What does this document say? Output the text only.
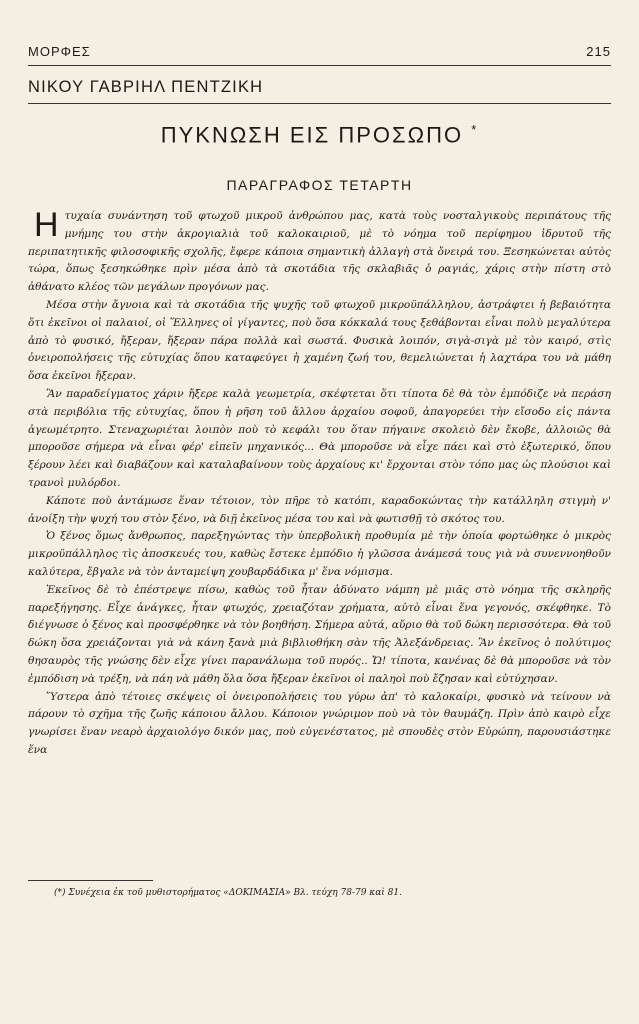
ΜΟΡΦΕΣ	215
ΝΙΚΟΥ ΓΑΒΡΙΗΛ ΠΕΝΤΖΙΚΗ
ΠΥΚΝΩΣΗ ΕΙΣ ΠΡΟΣΩΠΟ *
ΠΑΡΑΓΡΑΦΟΣ ΤΕΤΑΡΤΗ

Η τυχαία συνάντηση τοῦ φτωχοῦ μικροῦ ἀνθρώπου μας, κατὰ τοὺς νοσταλγικοὺς περιπάτους τῆς μνήμης του στὴν ἀκρογιαλιὰ τοῦ καλοκαιριοῦ, μὲ τὸ νόημα τοῦ περίφημου ἱδρυτοῦ τῆς περιπατητικῆς φιλοσοφικῆς σχολῆς, ἔφερε κάποια σημαντικὴ ἀλλαγὴ στὰ ὄνειρά του. Ξεσηκώνεται αὐτὸς τώρα, ὅπως ξεσηκώθηκε πρὶν μέσα ἀπὸ τὰ σκοτάδια τῆς σκλαβιᾶς ὁ ραγιάς, χάρις στὴν πίστη στὸ ἀθάνατο κλέος τῶν μεγάλων προγόνων μας.

Μέσα στὴν ἄγνοια καὶ τὰ σκοτάδια τῆς ψυχῆς τοῦ φτωχοῦ μικροϋπάλληλου, ἀστράφτει ἡ βεβαιότητα ὅτι ἐκεῖνοι οἱ παλαιοί, οἱ Ἕλληνες οἱ γίγαντες, ποὺ ὅσα κόκκαλά τους ξεθάβονται εἶναι πολὺ μεγαλύτερα ἀπὸ τὸ φυσικό, ἤξεραν, ἤξεραν πάρα πολλὰ καὶ σωστά. Φυσικὰ λοιπόν, σιγὰ-σιγὰ μὲ τὸν καιρό, στὶς ὀνειροπολήσεις τῆς εὐτυχίας ὅπου καταφεύγει ἡ χαμένη ζωή του, θεμελιώνεται ἡ λαχτάρα του νὰ μάθη ὅσα ἐκεῖνοι ἤξεραν.

Ἂν παραδείγματος χάριν ἤξερε καλὰ γεωμετρία, σκέφτεται ὅτι τίποτα δὲ θὰ τὸν ἐμπόδιζε νὰ περάση στὰ περιβόλια τῆς εὐτυχίας, ὅπου ἡ ρῆση τοῦ ἄλλου ἀρχαίου σοφοῦ, ἀπαγορεύει τὴν εἴσοδο εἰς πάντα ἀγεωμέτρητο. Στεναχωριέται λοιπὸν ποὺ τὸ κεφάλι του ὅταν πήγαινε σκολειὸ δὲν ἔκοβε, ἀλλοιῶς θὰ μποροῦσε σήμερα νὰ εἶναι φέρ' εἰπεῖν μηχανικός... Θὰ μποροῦσε νὰ εἶχε πάει καὶ στὸ ἐξωτερικό, ὅπου ξέρουν λέει καὶ διαβάζουν καὶ καταλαβαίνουν τοὺς ἀρχαίους κι' ἔρχονται στὸν τόπο μας ὡς πλούσιοι καὶ τρανοὶ μυλόρδοι.

Κάποτε ποὺ ἀντάμωσε ἕναν τέτοιον, τὸν πῆρε τὸ κατόπι, καραδοκώντας τὴν κατάλληλη στιγμὴ ν' ἀνοίξη τὴν ψυχή του στὸν ξένο, νὰ διῇ ἐκεῖνος μέσα του καὶ νὰ φωτισθῇ τὸ σκότος του.

Ὁ ξένος ὅμως ἄνθρωπος, παρεξηγώντας τὴν ὑπερβολικὴ προθυμία μὲ τὴν ὁποία φορτώθηκε ὁ μικρὸς μικροϋπάλληλος τὶς ἀποσκευές του, καθὼς ἔστεκε ἐμπόδιο ἡ γλῶσσα ἀνάμεσά τους γιὰ νὰ συνεννοηθοῦν καλύτερα, ἔβγαλε νὰ τὸν ἀνταμείψη χουβαρδάδικα μ' ἕνα νόμισμα.

Ἐκεῖνος δὲ τὸ ἐπέστρεψε πίσω, καθὼς τοῦ ἦταν ἀδύνατο νάμπη μὲ μιᾶς στὸ νόημα τῆς σκληρῆς παρεξήγησης. Εἶχε ἀνάγκες, ἦταν φτωχός, χρειαζόταν χρήματα, αὐτὸ εἶναι ἕνα γεγονός, σκέφθηκε. Τὸ διέγνωσε ὁ ξένος καὶ προσφέρθηκε νὰ τὸν βοηθήση. Σήμερα αὐτά, αὔριο θὰ τοῦ δώκη περισσότερα. Θὰ τοῦ δώκη ὅσα χρειάζονται γιὰ νὰ κάνη ξανὰ μιὰ βιβλιοθήκη σὰν τῆς Ἀλεξάνδρειας. Ἂν ἐκεῖνος ὁ πολύτιμος θησαυρὸς τῆς γνώσης δὲν εἶχε γίνει παρανάλωμα τοῦ πυρός.. Ὤ! τίποτα, κανένας δὲ θὰ μποροῦσε νὰ τὸν ἐμπόδιση νὰ τρέξη, νὰ πάη νὰ μάθη ὅλα ὅσα ἤξεραν ἐκεῖνοι οἱ παληοὶ ποὺ ἔζησαν καὶ εὐτύχησαν.

Ὕστερα ἀπὸ τέτοιες σκέψεις οἱ ὀνειροπολήσεις του γύρω ἀπ' τὸ καλοκαίρι, φυσικὸ νὰ τείνουν νὰ πάρουν τὸ σχῆμα τῆς ζωῆς κάποιου ἄλλου. Κάποιον γνώριμον ποὺ νὰ τὸν θαυμάζη. Πρὶν ἀπὸ καιρὸ εἶχε γνωρίσει ἕναν νεαρὸ ἀρχαιολόγο δικόν μας, ποὺ εὐγενέστατος, μὲ σπουδὲς στὸν Εὐρώπη, παρουσιάστηκε ἕνα

(*) Συνέχεια ἐκ τοῦ μυθιστορήματος «ΔΟΚΙΜΑΣΙΑ» Βλ. τεύχη 78-79 καὶ 81.
